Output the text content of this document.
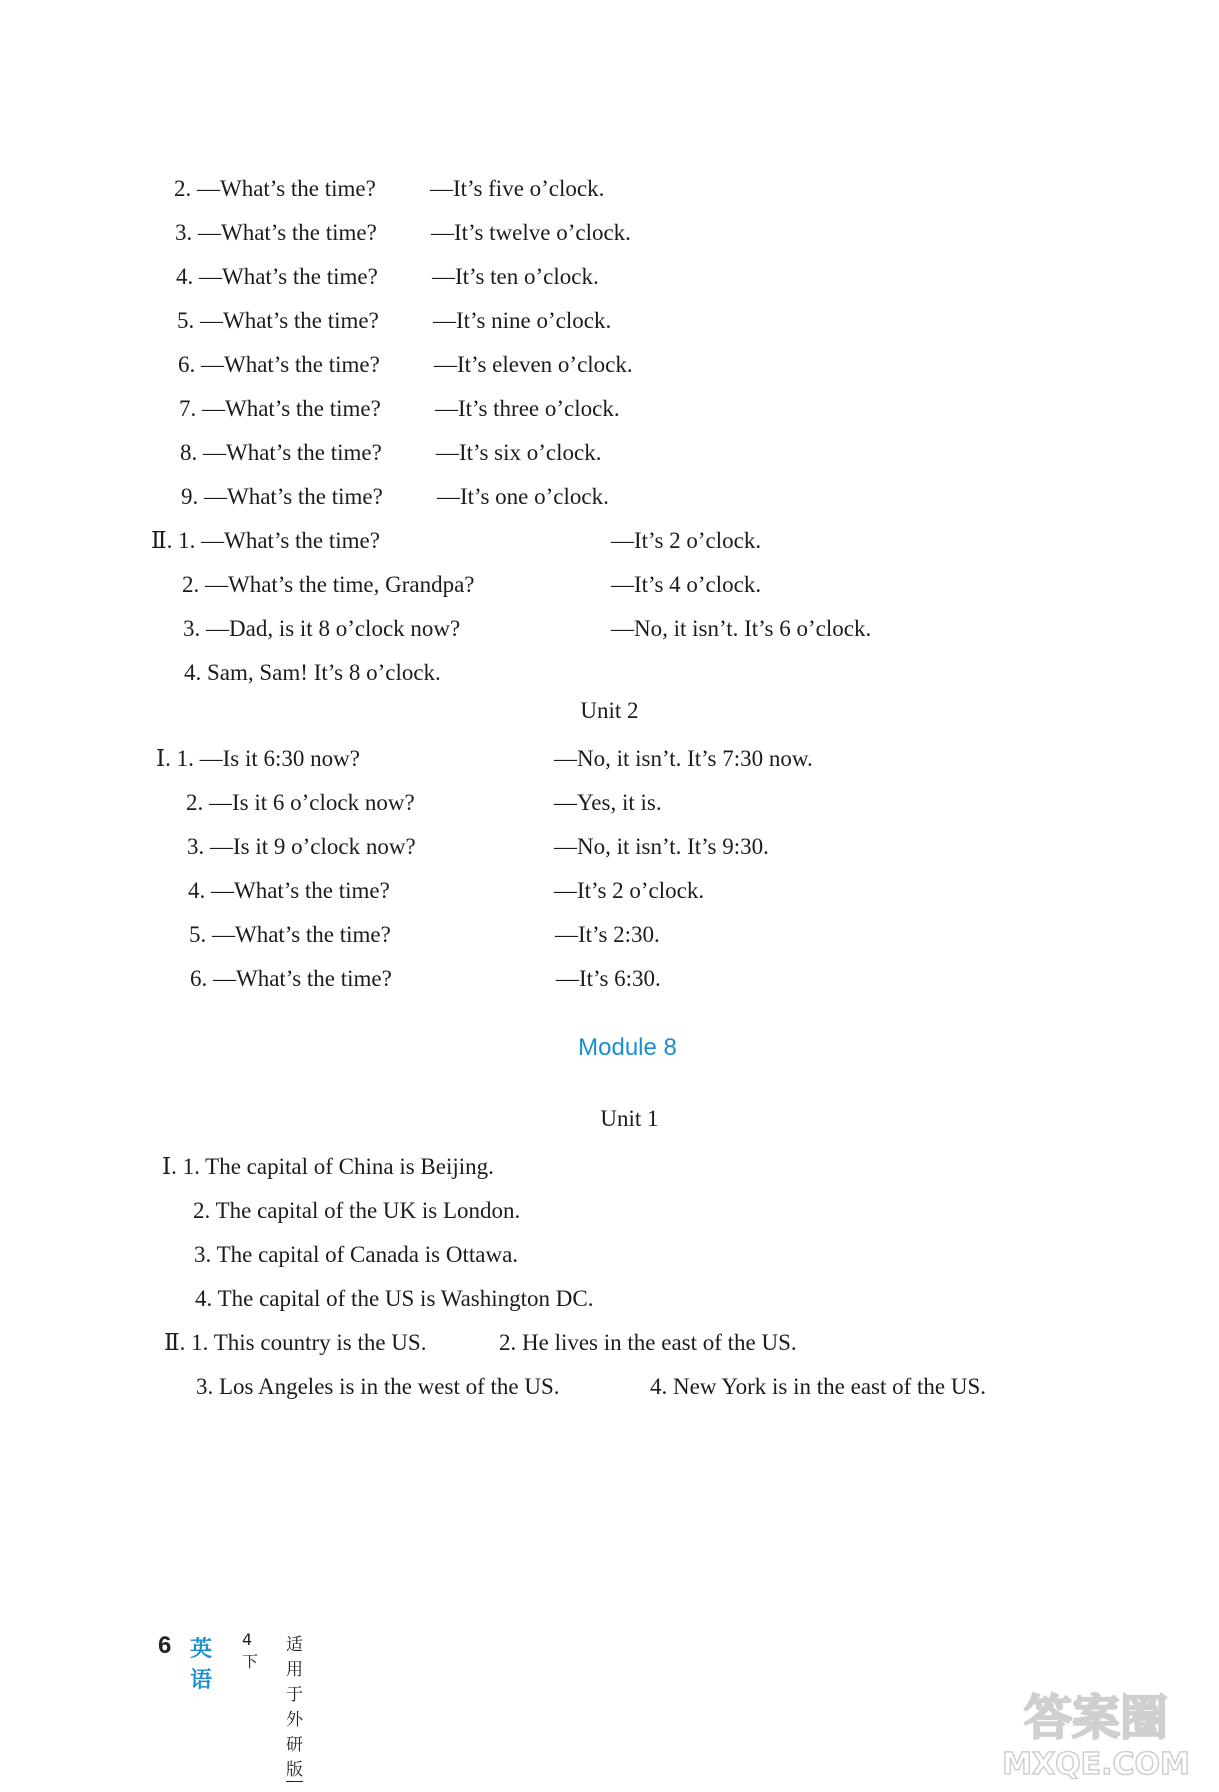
2. —What’s the time? —It’s five o’clock.
3. —What’s the time? —It’s twelve o’clock.
4. —What’s the time? —It’s ten o’clock.
5. —What’s the time? —It’s nine o’clock.
6. —What’s the time? —It’s eleven o’clock.
7. —What’s the time? —It’s three o’clock.
8. —What’s the time? —It’s six o’clock.
9. —What’s the time? —It’s one o’clock.
Ⅱ. 1. —What’s the time?	—It’s 2 o’clock.
2. —What’s the time, Grandpa?	—It’s 4 o’clock.
3. —Dad, is it 8 o’clock now?	—No, it isn’t. It’s 6 o’clock.
4. Sam, Sam! It’s 8 o’clock.
Unit 2
Ⅰ. 1. —Is it 6:30 now?	—No, it isn’t. It’s 7:30 now.
2. —Is it 6 o’clock now?	—Yes, it is.
3. —Is it 9 o’clock now?	—No, it isn’t. It’s 9:30.
4. —What’s the time?	—It’s 2 o’clock.
5. —What’s the time?	—It’s 2:30.
6. —What’s the time?	—It’s 6:30.
Module 8
Unit 1
Ⅰ. 1. The capital of China is Beijing.
2. The capital of the UK is London.
3. The capital of Canada is Ottawa.
4. The capital of the US is Washington DC.
Ⅱ. 1. This country is the US.	2. He lives in the east of the US.
3. Los Angeles is in the west of the US.	4. New York is in the east of the US.
6 英语
4下
适用于外研版
答案圈
MXQE.COM
